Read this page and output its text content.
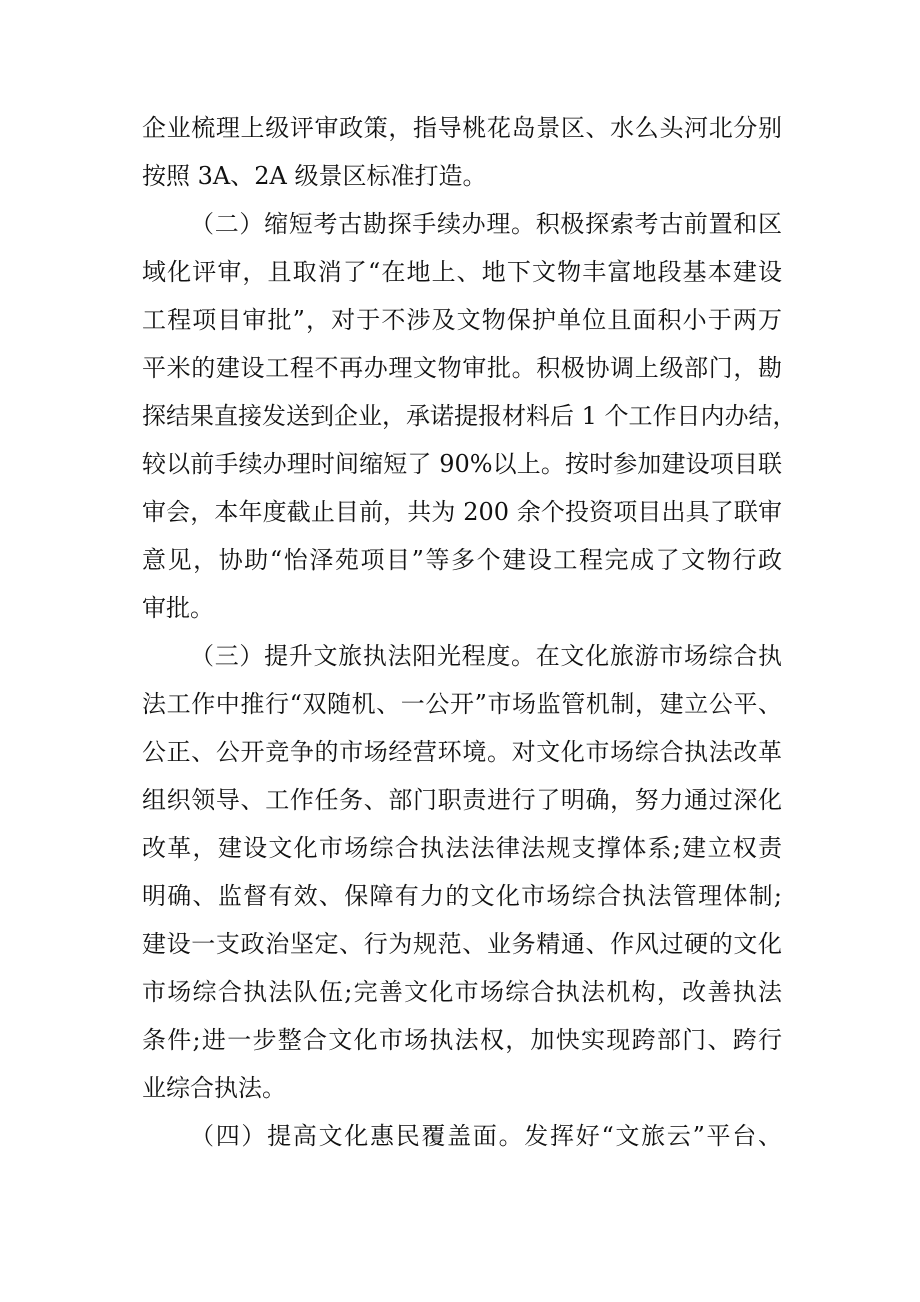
企业梳理上级评审政策，指导桃花岛景区、水么头河北分别
按照 3A、2A 级景区标准打造。
（二）缩短考古勘探手续办理。积极探索考古前置和区
域化评审，且取消了“在地上、地下文物丰富地段基本建设
工程项目审批”，对于不涉及文物保护单位且面积小于两万
平米的建设工程不再办理文物审批。积极协调上级部门，勘
探结果直接发送到企业，承诺提报材料后 1 个工作日内办结，
较以前手续办理时间缩短了 90%以上。按时参加建设项目联
审会，本年度截止目前，共为 200 余个投资项目出具了联审
意见，协助“怡泽苑项目”等多个建设工程完成了文物行政
审批。
（三）提升文旅执法阳光程度。在文化旅游市场综合执
法工作中推行“双随机、一公开”市场监管机制，建立公平、
公正、公开竞争的市场经营环境。对文化市场综合执法改革
组织领导、工作任务、部门职责进行了明确，努力通过深化
改革，建设文化市场综合执法法律法规支撑体系;建立权责
明确、监督有效、保障有力的文化市场综合执法管理体制;
建设一支政治坚定、行为规范、业务精通、作风过硬的文化
市场综合执法队伍;完善文化市场综合执法机构，改善执法
条件;进一步整合文化市场执法权，加快实现跨部门、跨行
业综合执法。
（四）提高文化惠民覆盖面。发挥好“文旅云”平台、
